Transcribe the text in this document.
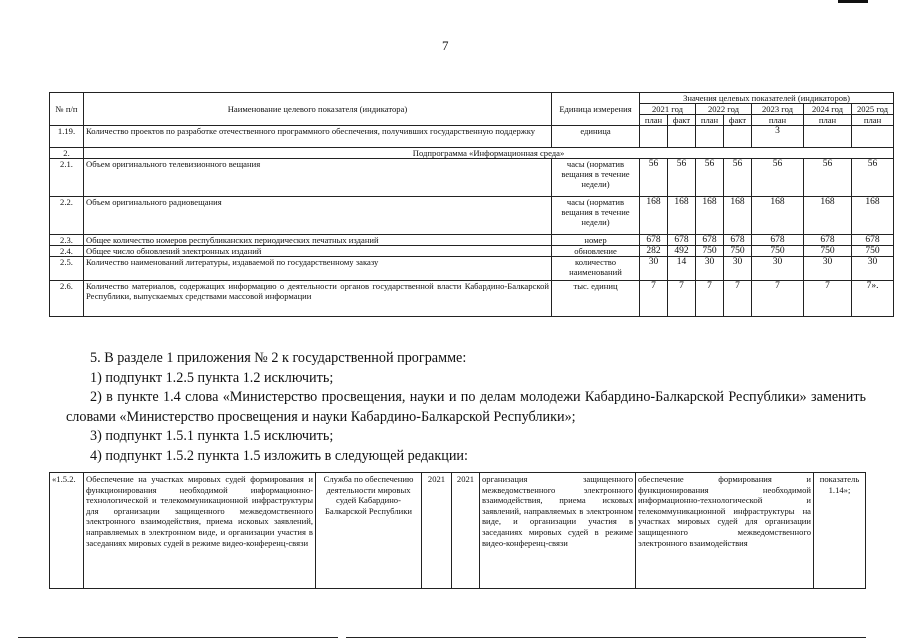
7
№ п/п	Наименование целевого показателя (индикатора)	Единица измерения	Значения целевых показателей (индикаторов)						
			2021 год		2022 год		2023 год	2024 год	2025 год
			план	факт	план	факт	план	план	план
1.19.	Количество проектов по разработке отечественного программного обеспечения, получивших государственную поддержку	единица					3		
2.	Подпрограмма «Информационная среда»								
2.1.	Объем оригинального телевизионного вещания	часы (норматив вещания в течение недели)	56	56	56	56	56	56	56
2.2.	Объем оригинального радиовещания	часы (норматив вещания в течение недели)	168	168	168	168	168	168	168
2.3.	Общее количество номеров республиканских периодических печатных изданий	номер	678	678	678	678	678	678	678
2.4.	Общее число обновлений электронных изданий	обновление	282	492	750	750	750	750	750
2.5.	Количество наименований литературы, издаваемой по государственному заказу	количество наименований	30	14	30	30	30	30	30
2.6.	Количество материалов, содержащих информацию о деятельности органов государственной власти Кабардино-Балкарской Республики, выпускаемых средствами массовой информации	тыс. единиц	7	7	7	7	7	7	7».

5. В разделе 1 приложения № 2 к государственной программе:

1) подпункт 1.2.5 пункта 1.2 исключить;

2) в пункте 1.4 слова «Министерство просвещения, науки и по делам молодежи Кабардино-Балкарской Республики» заменить словами «Министерство просвещения и науки Кабардино-Балкарской Республики»;

3) подпункт 1.5.1 пункта 1.5 исключить;

4) подпункт 1.5.2 пункта 1.5 изложить в следующей редакции:

«1.5.2.	Обеспечение на участках мировых судей формирования и функционирования необходимой информационно-технологической и телекоммуникационной инфраструктуры для организации защищенного межведомственного электронного взаимодействия, приема исковых заявлений, направляемых в электронном виде, и организации участия в заседаниях мировых судей в режиме видео-конференц-связи	Служба по обеспечению деятельности мировых судей Кабардино-Балкарской Республики	2021	2021	организация защищенного межведомственного электронного взаимодействия, приема исковых заявлений, направляемых в электронном виде, и организации участия в заседаниях мировых судей в режиме видео-конференц-связи	обеспечение формирования и функционирования необходимой информационно-технологической и телекоммуникационной инфраструктуры на участках мировых судей для организации защищенного межведомственного электронного взаимодействия	показатель 1.14»;
